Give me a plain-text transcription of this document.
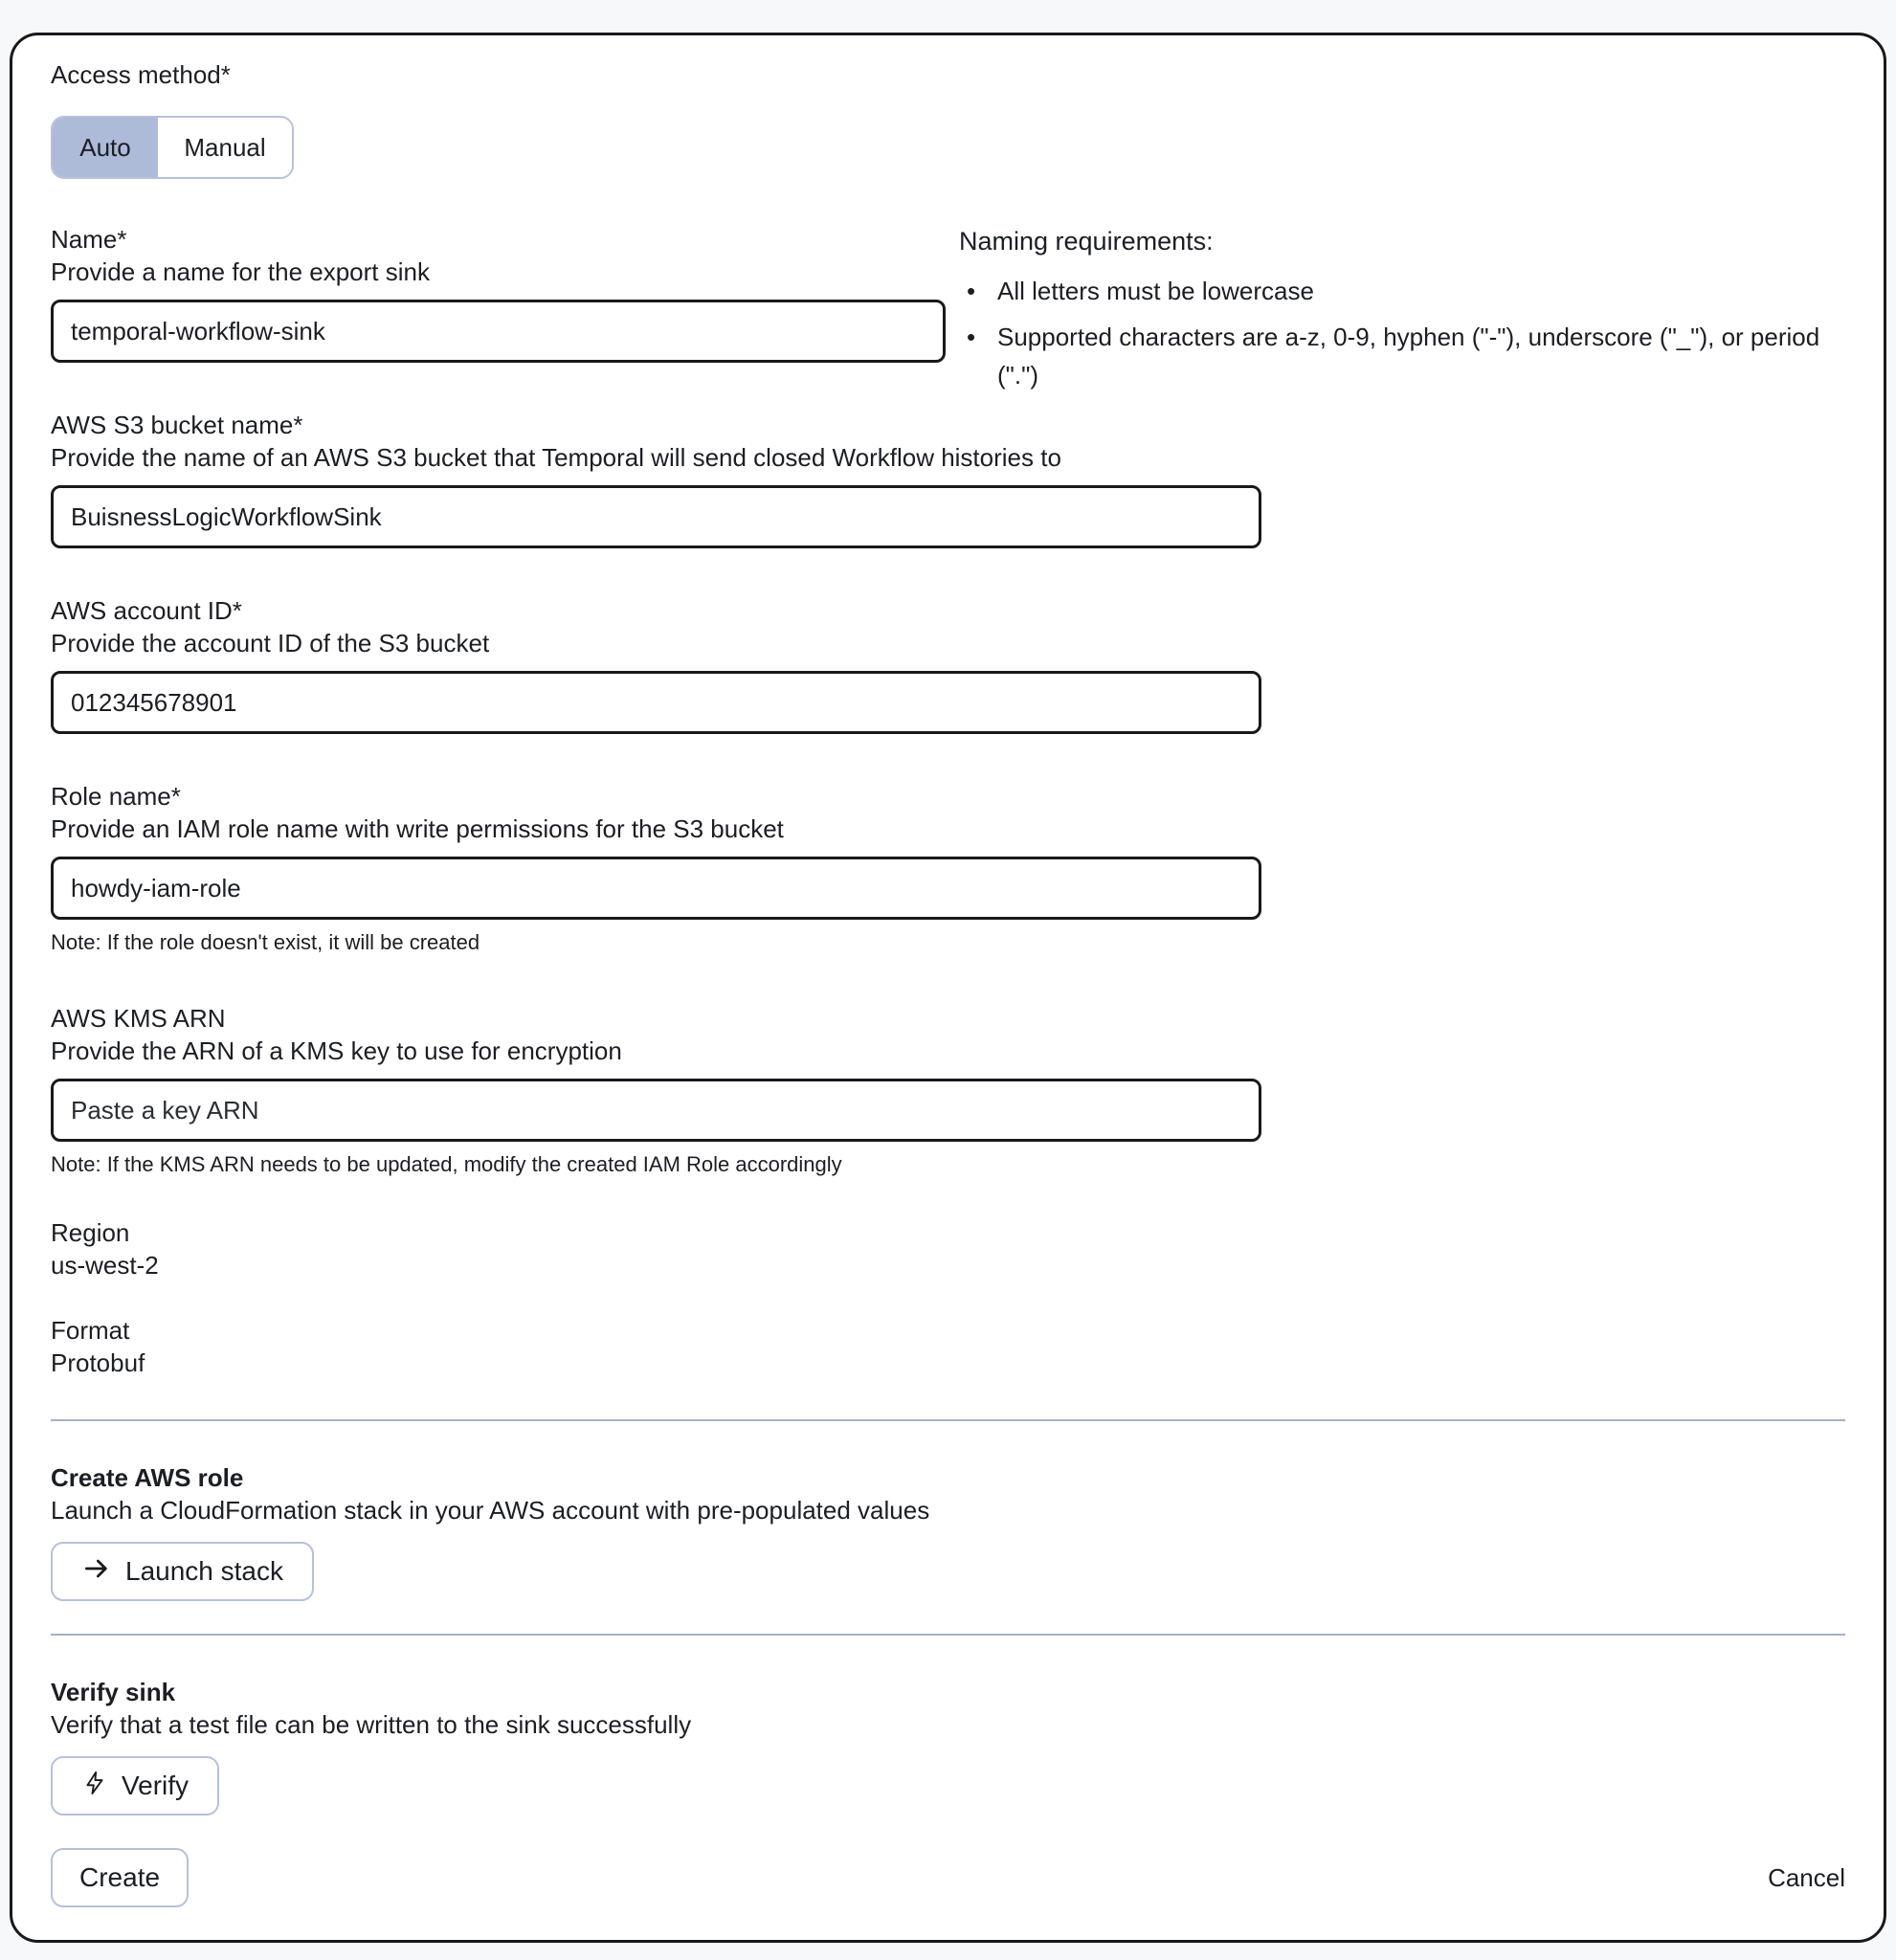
Access method*
Auto	Manual
Naming requirements:
• All letters must be lowercase
• Supported characters are a-z, 0-9, hyphen ("-"), underscore ("_"), or period (".")
Name*
Provide a name for the export sink
temporal-workflow-sink
AWS S3 bucket name*
Provide the name of an AWS S3 bucket that Temporal will send closed Workflow histories to
BuisnessLogicWorkflowSink
AWS account ID*
Provide the account ID of the S3 bucket
012345678901
Role name*
Provide an IAM role name with write permissions for the S3 bucket
howdy-iam-role
Note: If the role doesn't exist, it will be created
AWS KMS ARN
Provide the ARN of a KMS key to use for encryption
Paste a key ARN
Note: If the KMS ARN needs to be updated, modify the created IAM Role accordingly
Region
us-west-2
Format
Protobuf
Create AWS role
Launch a CloudFormation stack in your AWS account with pre-populated values
Launch stack
Verify sink
Verify that a test file can be written to the sink successfully
Verify
Create	Cancel
